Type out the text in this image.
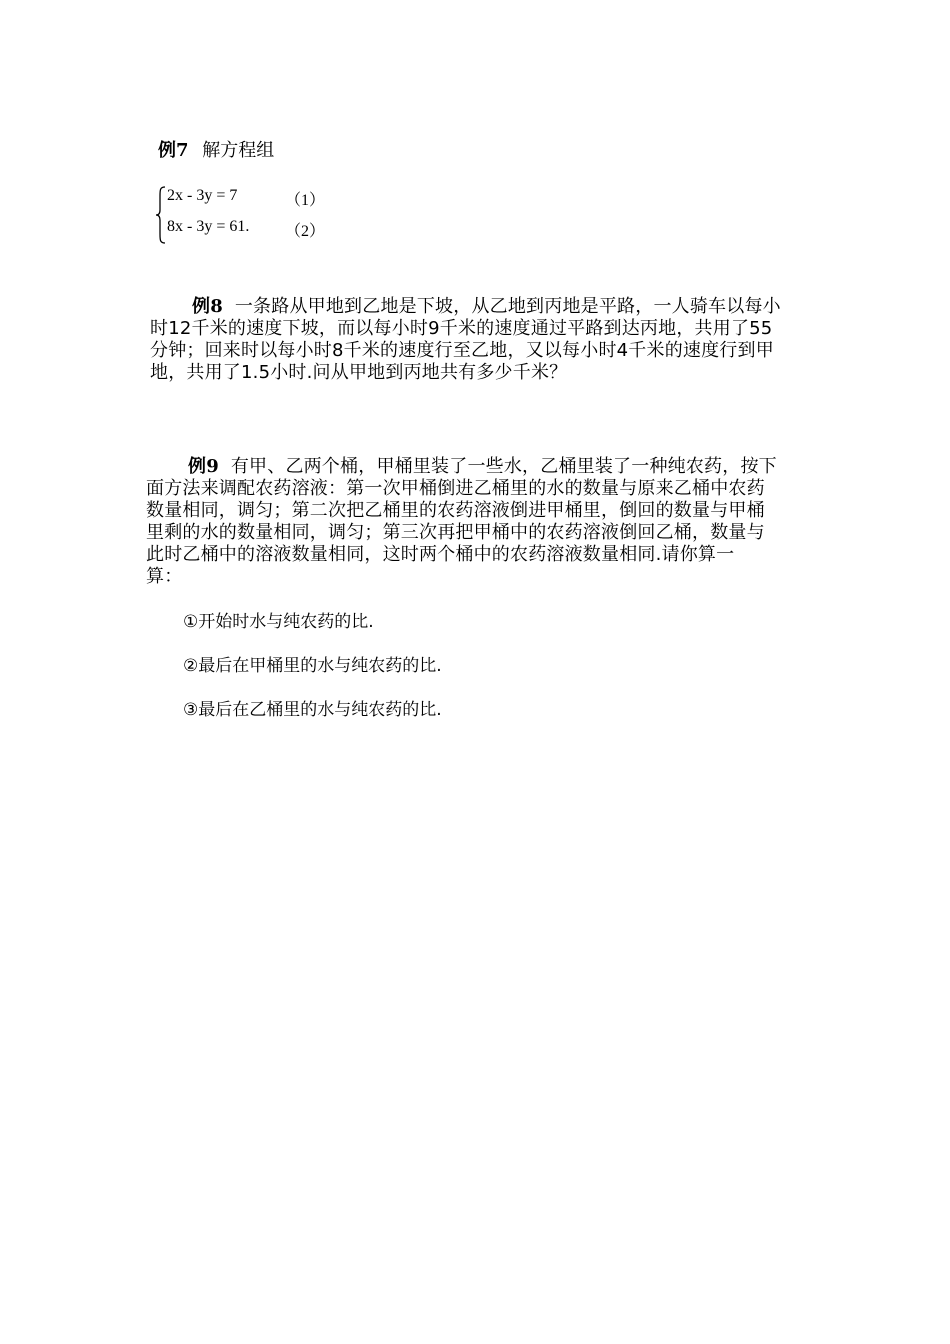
例7 解方程组
2x - 3y = 7	（1）
8x - 3y = 61. （2）
例8 一条路从甲地到乙地是下坡，从乙地到丙地是平路，一人骑车以每小
时12千米的速度下坡，而以每小时9千米的速度通过平路到达丙地，共用了55
分钟；回来时以每小时8千米的速度行至乙地，又以每小时4千米的速度行到甲
地，共用了1.5小时.问从甲地到丙地共有多少千米？
例9 有甲、乙两个桶，甲桶里装了一些水，乙桶里装了一种纯农药，按下
面方法来调配农药溶液：第一次甲桶倒进乙桶里的水的数量与原来乙桶中农药
数量相同，调匀；第二次把乙桶里的农药溶液倒进甲桶里，倒回的数量与甲桶
里剩的水的数量相同，调匀；第三次再把甲桶中的农药溶液倒回乙桶，数量与
此时乙桶中的溶液数量相同，这时两个桶中的农药溶液数量相同.请你算一
算：
①开始时水与纯农药的比.
②最后在甲桶里的水与纯农药的比.
③最后在乙桶里的水与纯农药的比.
